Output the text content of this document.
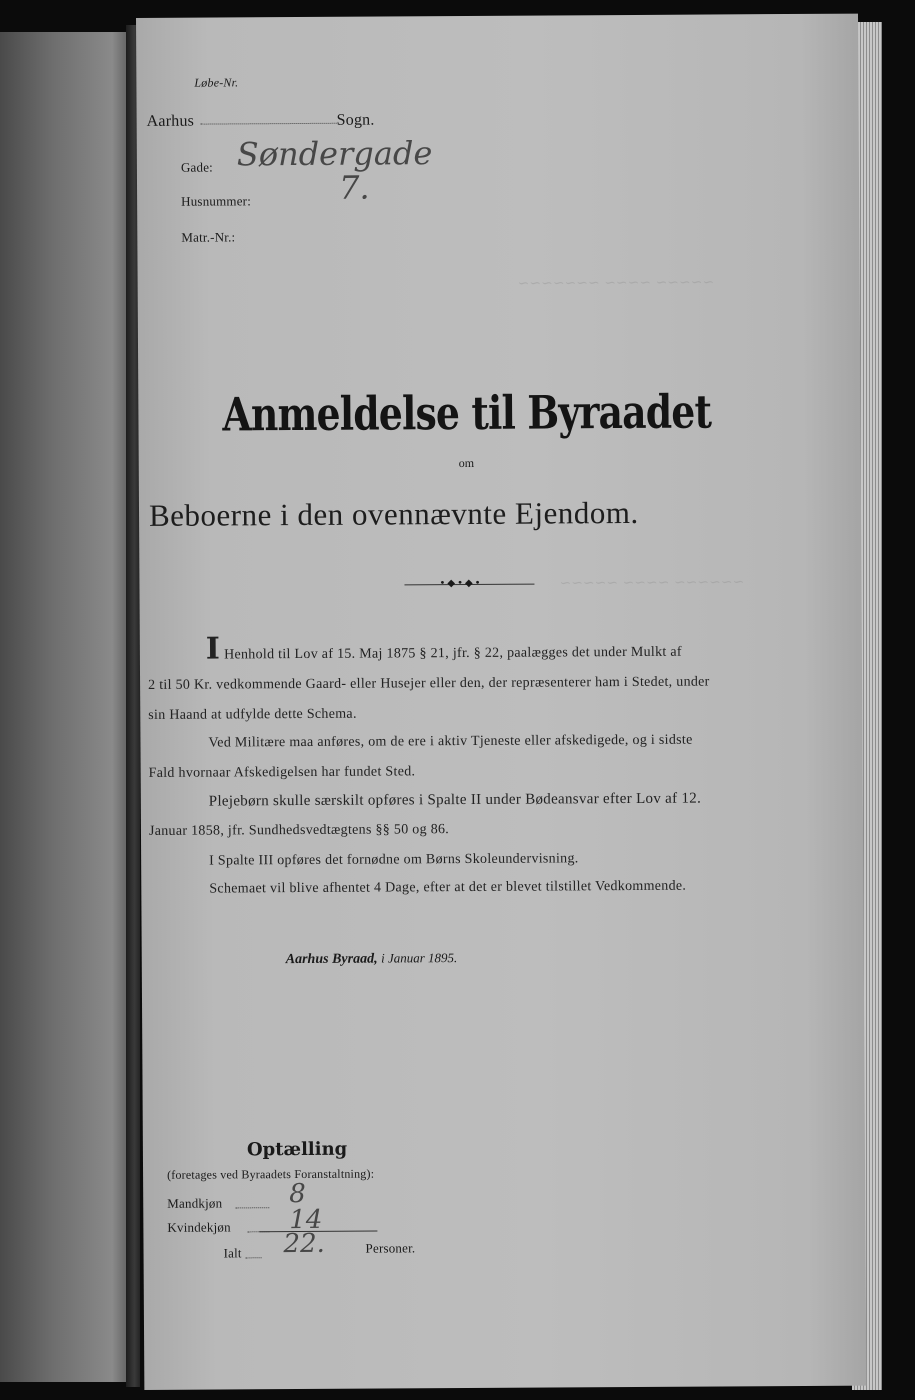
~~~~~ ~~~~ ~~~~~~~
~~~~~~ ~~~~ ~~~~~
Løbe-Nr.
Aarhus	Sogn.
Gade: Søndergade
Husnummer:	7.
Matr.-Nr.:
Anmeldelse til Byraadet
om
Beboerne i den ovennævnte Ejendom.
•◆•◆•
I Henhold til Lov af 15. Maj 1875 § 21, jfr. § 22, paalægges det under Mulkt af
2 til 50 Kr. vedkommende Gaard- eller Husejer eller den, der repræsenterer ham i Stedet, under
sin Haand at udfylde dette Schema.
Ved Militære maa anføres, om de ere i aktiv Tjeneste eller afskedigede, og i sidste
Fald hvornaar Afskedigelsen har fundet Sted.
Plejebørn skulle særskilt opføres i Spalte II under Bødeansvar efter Lov af 12.
Januar 1858, jfr. Sundhedsvedtægtens §§ 50 og 86.
I Spalte III opføres det fornødne om Børns Skoleundervisning.
Schemaet vil blive afhentet 4 Dage, efter at det er blevet tilstillet Vedkommende.
Aarhus Byraad, i Januar 1895.
Optælling
(foretages ved Byraadets Foranstaltning):
Mandkjøn	8
Kvindekjøn 14
Ialt 22.	Personer.
